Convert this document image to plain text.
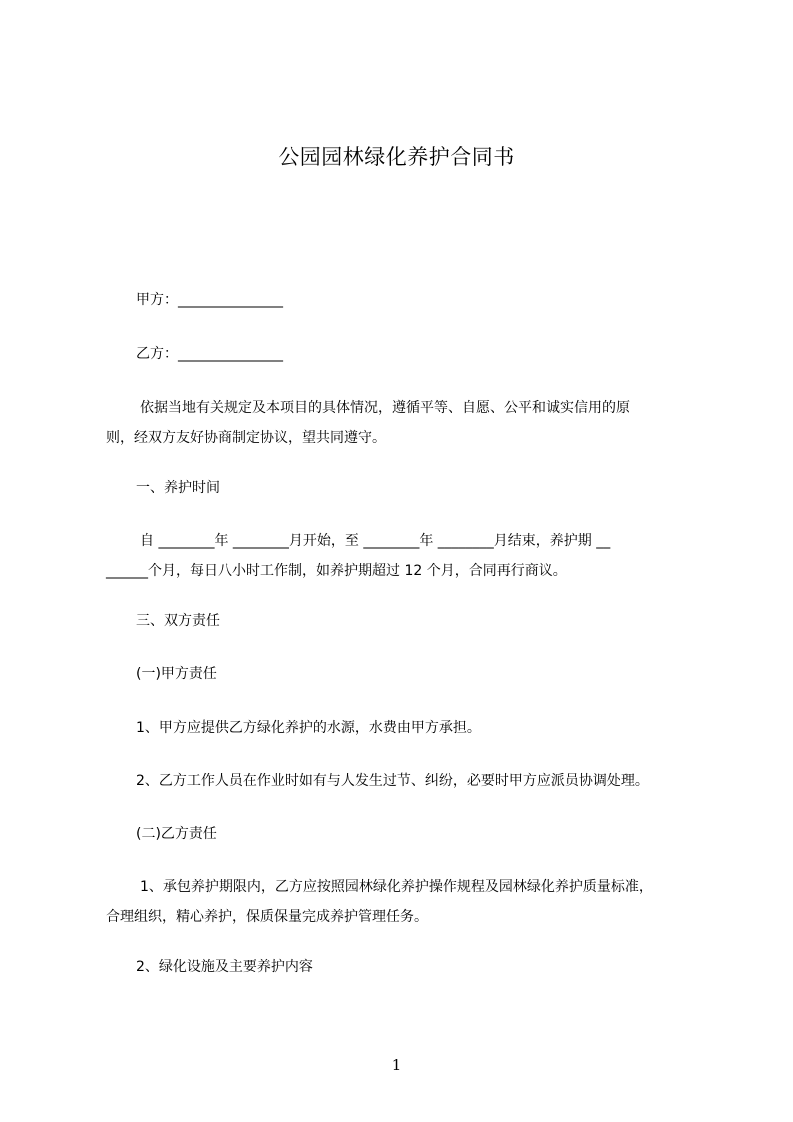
公园园林绿化养护合同书
甲方：_______________
乙方：_______________
依据当地有关规定及本项目的具体情况，遵循平等、自愿、公平和诚实信用的原
则，经双方友好协商制定协议，望共同遵守。
一、养护时间
自 ________年 ________月开始，至 ________年 ________月结束，养护期 __
______个月，每日八小时工作制，如养护期超过 12 个月，合同再行商议。
三、双方责任
(一)甲方责任
1、甲方应提供乙方绿化养护的水源，水费由甲方承担。
2、乙方工作人员在作业时如有与人发生过节、纠纷，必要时甲方应派员协调处理。
(二)乙方责任
1、承包养护期限内，乙方应按照园林绿化养护操作规程及园林绿化养护质量标准，
合理组织，精心养护，保质保量完成养护管理任务。
2、绿化设施及主要养护内容
1
